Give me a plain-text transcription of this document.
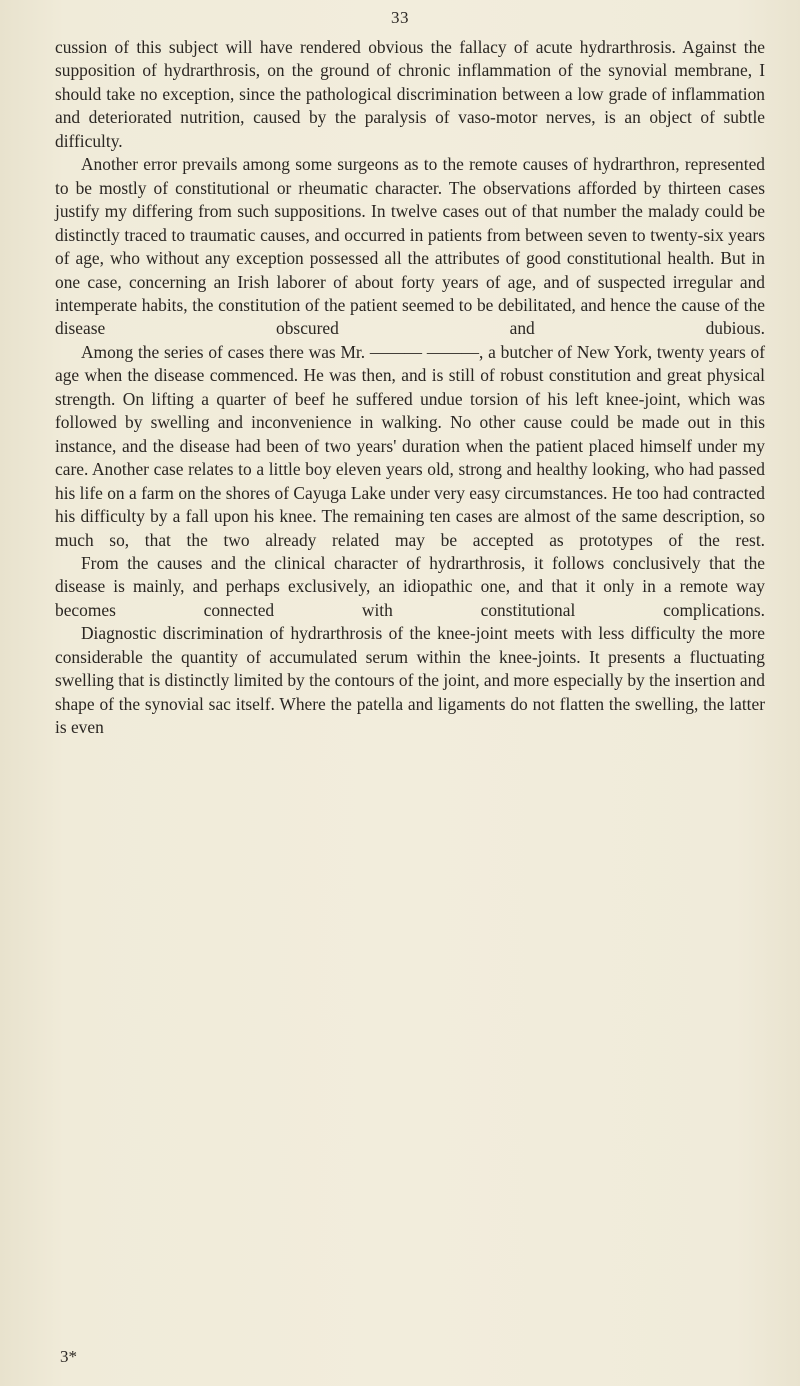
33

cussion of this subject will have rendered obvious the fallacy of acute hydrarthrosis. Against the supposition of hydrarthrosis, on the ground of chronic inflammation of the synovial membrane, I should take no exception, since the pathological discrimination between a low grade of inflammation and deteriorated nutrition, caused by the paralysis of vaso-motor nerves, is an object of subtle difficulty.

Another error prevails among some surgeons as to the remote causes of hydrarthron, represented to be mostly of constitutional or rheumatic character. The observations afforded by thirteen cases justify my differing from such suppositions. In twelve cases out of that number the malady could be distinctly traced to traumatic causes, and occurred in patients from between seven to twenty-six years of age, who without any exception possessed all the attributes of good constitutional health. But in one case, concerning an Irish laborer of about forty years of age, and of suspected irregular and intemperate habits, the constitution of the patient seemed to be debilitated, and hence the cause of the disease obscured and dubious.

Among the series of cases there was Mr. ——— ———, a butcher of New York, twenty years of age when the disease commenced. He was then, and is still of robust constitution and great physical strength. On lifting a quarter of beef he suffered undue torsion of his left knee-joint, which was followed by swelling and inconvenience in walking. No other cause could be made out in this instance, and the disease had been of two years' duration when the patient placed himself under my care. Another case relates to a little boy eleven years old, strong and healthy looking, who had passed his life on a farm on the shores of Cayuga Lake under very easy circumstances. He too had contracted his difficulty by a fall upon his knee. The remaining ten cases are almost of the same description, so much so, that the two already related may be accepted as prototypes of the rest.

From the causes and the clinical character of hydrarthrosis, it follows conclusively that the disease is mainly, and perhaps exclusively, an idiopathic one, and that it only in a remote way becomes connected with constitutional complications.

Diagnostic discrimination of hydrarthrosis of the knee-joint meets with less difficulty the more considerable the quantity of accumulated serum within the knee-joints. It presents a fluctuating swelling that is distinctly limited by the contours of the joint, and more especially by the insertion and shape of the synovial sac itself. Where the patella and ligaments do not flatten the swelling, the latter is even

3*
